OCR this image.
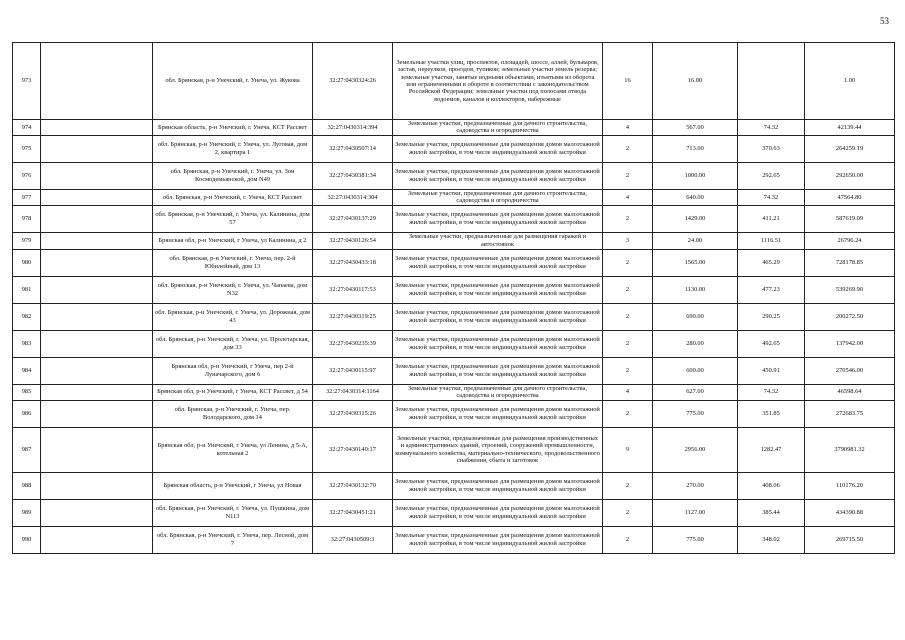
53
973		обл. Брянская, р-н Унечский, г. Унеча, ул. Жукова	32:27:0430324:26	Земельные участки улиц, проспектов, площадей, шоссе, аллей, бульваров, застав, переулков, проездов, тупиков; земельные участки земель резерва; земельные участки, занятые водными объектами, изъятыми из оборота или ограниченными в обороте в соответствии с законодательством Российской Федерации; земельные участки под полосами отвода водоемов, каналов и коллекторов, набережные	16	16.00		1.00
974		Брянская область, р-н Унечский, г. Унеча, КСТ Рассвет	32:27:0430314:394	Земельные участки, предназначенные для дачного строительства, садоводства и огородничества	4	567.00	74.32	42139.44
975		обл. Брянская, р-н Унечский, г. Унеча, ул. Луговая, дом 2, квартира 1	32:27:0430507:14	Земельные участки, предназначенные для размещения домов малоэтажной жилой застройки, в том числе индивидуальной жилой застройки	2	713.00	370.63	264259.19
976		обл. Брянская, р-н Унечский, г. Унеча, ул. Зои Космодемьянской, дом N49	32:27:0430381:34	Земельные участки, предназначенные для размещения домов малоэтажной жилой застройки, в том числе индивидуальной жилой застройки	2	1000.00	292.65	292650.00
977		обл. Брянская, р-н Унечский, г. Унеча, КСТ Рассвет	32:27:0430314:304	Земельные участки, предназначенные для дачного строительства, садоводства и огородничества	4	640.00	74.32	47564.80
978		обл. Брянская, р-н Унечский, г. Унеча, ул. Калинина, дом 57	32:27:0430137:29	Земельные участки, предназначенные для размещения домов малоэтажной жилой застройки, в том числе индивидуальной жилой застройки	2	1429.00	411.21	587619.09
979		Брянская обл, р-н Унечский, г Унеча, ул Калинина, д 2	32:27:0430126:54	Земельные участки, предназначенные для размещения гаражей и автостоянок	3	24.00	1116.51	26796.24
980		обл. Брянская, р-н Унечский, г. Унеча, пер. 2-й Юбилейный, дом 13	32:27:0430433:18	Земельные участки, предназначенные для размещения домов малоэтажной жилой застройки, в том числе индивидуальной жилой застройки	2	1565.00	465.29	728178.85
981		обл. Брянская, р-н Унечский, г. Унеча, ул. Чапаева, дом N32	32:27:0430117:53	Земельные участки, предназначенные для размещения домов малоэтажной жилой застройки, в том числе индивидуальной жилой застройки	2	1130.00	477.23	539269.90
982		обл. Брянская, р-н Унечский, г. Унеча, ул. Дорожная, дом 43	32:27:0430319:25	Земельные участки, предназначенные для размещения домов малоэтажной жилой застройки, в том числе индивидуальной жилой застройки	2	690.00	290.25	200272.50
983		обл. Брянская, р-н Унечский, г. Унеча, ул. Пролетарская, дом 33	32:27:0430235:39	Земельные участки, предназначенные для размещения домов малоэтажной жилой застройки, в том числе индивидуальной жилой застройки	2	280.00	492.65	137942.00
984		Брянская обл, р-н Унечский, г Унеча, пер 2-й Луначарского, дом 6	32:27:0430115:97	Земельные участки, предназначенные для размещения домов малоэтажной жилой застройки, в том числе индивидуальной жилой застройки	2	600.00	450.91	270546.00
985		Брянская обл, р-н Унечский, г Унеча, КСТ Рассвет, д 54	32:27:0430314:1164	Земельные участки, предназначенные для дачного строительства, садоводства и огородничества	4	627.00	74.32	46598.64
986		обл. Брянская, р-н Унечский, г. Унеча, пер. Володарского, дом 14	32:27:0430315:26	Земельные участки, предназначенные для размещения домов малоэтажной жилой застройки, в том числе индивидуальной жилой застройки	2	775.00	351.85	272683.75
987		Брянская обл, р-н Унечский, г Унеча, ул Ленина, д 5-А, котельная 2	32:27:0430140:17	Земельные участки, предназначенные для размещения производственных и административных зданий, строений, сооружений промышленности, коммунального хозяйства, материально-технического, продовольственного снабжения, сбыта и заготовок	9	2956.00	1282.47	3790981.32
988		Брянская область, р-н Унечский, г Унеча, ул Новая	32:27:0430132:70	Земельные участки, предназначенные для размещения домов малоэтажной жилой застройки, в том числе индивидуальной жилой застройки	2	270.00	408.06	110176.20
989		обл. Брянская, р-н Унечский, г. Унеча, ул. Пушкина, дом N113	32:27:0430451:21	Земельные участки, предназначенные для размещения домов малоэтажной жилой застройки, в том числе индивидуальной жилой застройки	2	1127.00	385.44	434390.88
990		обл. Брянская, р-н Унечский, г. Унеча, пер. Лесной, дом 7	32:27:0430509:3	Земельные участки, предназначенные для размещения домов малоэтажной жилой застройки, в том числе индивидуальной жилой застройки	2	775.00	348.02	269715.50
